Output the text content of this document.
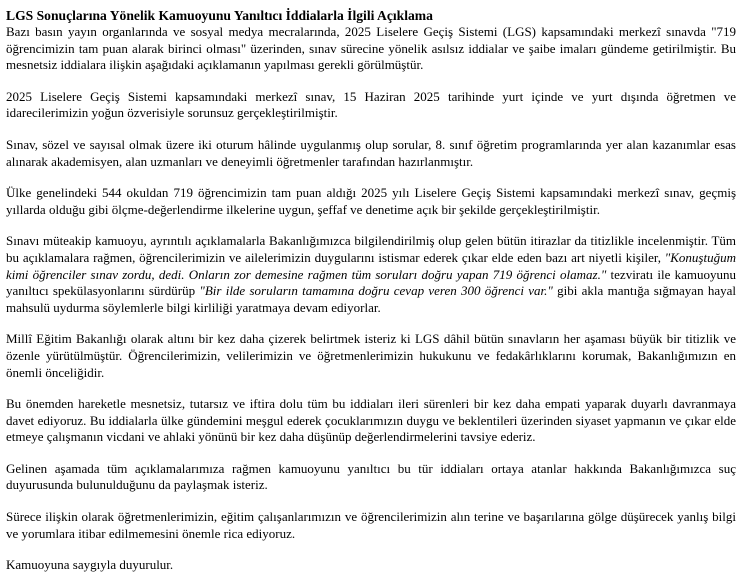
LGS Sonuçlarına Yönelik Kamuoyunu Yanıltıcı İddialarla İlgili Açıklama

Bazı basın yayın organlarında ve sosyal medya mecralarında, 2025 Liselere Geçiş Sistemi (LGS) kapsamındaki merkezî sınavda "719 öğrencimizin tam puan alarak birinci olması" üzerinden, sınav sürecine yönelik asılsız iddialar ve şaibe imaları gündeme getirilmiştir. Bu mesnetsiz iddialara ilişkin aşağıdaki açıklamanın yapılması gerekli görülmüştür.

2025 Liselere Geçiş Sistemi kapsamındaki merkezî sınav, 15 Haziran 2025 tarihinde yurt içinde ve yurt dışında öğretmen ve idarecilerimizin yoğun özverisiyle sorunsuz gerçekleştirilmiştir.

Sınav, sözel ve sayısal olmak üzere iki oturum hâlinde uygulanmış olup sorular, 8. sınıf öğretim programlarında yer alan kazanımlar esas alınarak akademisyen, alan uzmanları ve deneyimli öğretmenler tarafından hazırlanmıştır.

Ülke genelindeki 544 okuldan 719 öğrencimizin tam puan aldığı 2025 yılı Liselere Geçiş Sistemi kapsamındaki merkezî sınav, geçmiş yıllarda olduğu gibi ölçme-değerlendirme ilkelerine uygun, şeffaf ve denetime açık bir şekilde gerçekleştirilmiştir.

Sınavı müteakip kamuoyu, ayrıntılı açıklamalarla Bakanlığımızca bilgilendirilmiş olup gelen bütün itirazlar da titizlikle incelenmiştir. Tüm bu açıklamalara rağmen, öğrencilerimizin ve ailelerimizin duygularını istismar ederek çıkar elde eden bazı art niyetli kişiler, "Konuştuğum kimi öğrenciler sınav zordu, dedi. Onların zor demesine rağmen tüm soruları doğru yapan 719 öğrenci olamaz." tezviratı ile kamuoyunu yanıltıcı spekülasyonlarını sürdürüp "Bir ilde soruların tamamına doğru cevap veren 300 öğrenci var." gibi akla mantığa sığmayan hayal mahsulü uydurma söylemlerle bilgi kirliliği yaratmaya devam ediyorlar.

Millî Eğitim Bakanlığı olarak altını bir kez daha çizerek belirtmek isteriz ki LGS dâhil bütün sınavların her aşaması büyük bir titizlik ve özenle yürütülmüştür. Öğrencilerimizin, velilerimizin ve öğretmenlerimizin hukukunu ve fedakârlıklarını korumak, Bakanlığımızın en önemli önceliğidir.

Bu önemden hareketle mesnetsiz, tutarsız ve iftira dolu tüm bu iddiaları ileri sürenleri bir kez daha empati yaparak duyarlı davranmaya davet ediyoruz. Bu iddialarla ülke gündemini meşgul ederek çocuklarımızın duygu ve beklentileri üzerinden siyaset yapmanın ve çıkar elde etmeye çalışmanın vicdani ve ahlaki yönünü bir kez daha düşünüp değerlendirmelerini tavsiye ederiz.

Gelinen aşamada tüm açıklamalarımıza rağmen kamuoyunu yanıltıcı bu tür iddiaları ortaya atanlar hakkında Bakanlığımızca suç duyurusunda bulunulduğunu da paylaşmak isteriz.

Sürece ilişkin olarak öğretmenlerimizin, eğitim çalışanlarımızın ve öğrencilerimizin alın terine ve başarılarına gölge düşürecek yanlış bilgi ve yorumlara itibar edilmemesini önemle rica ediyoruz.

Kamuoyuna saygıyla duyurulur.
